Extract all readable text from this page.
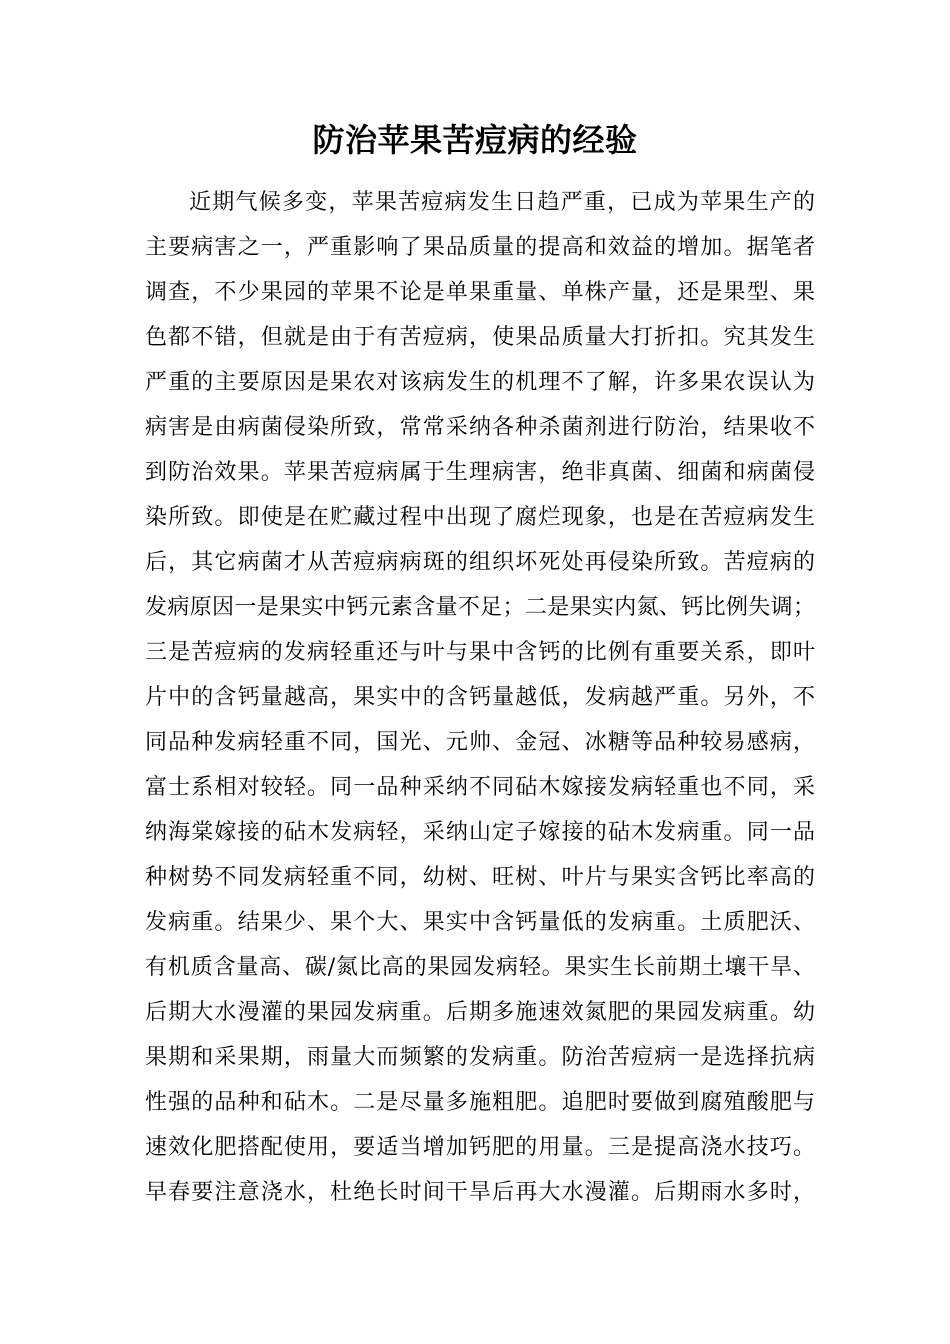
防治苹果苦痘病的经验
近期气候多变，苹果苦痘病发生日趋严重，已成为苹果生产的
主要病害之一，严重影响了果品质量的提高和效益的增加。据笔者
调查，不少果园的苹果不论是单果重量、单株产量，还是果型、果
色都不错，但就是由于有苦痘病，使果品质量大打折扣。究其发生
严重的主要原因是果农对该病发生的机理不了解，许多果农误认为
病害是由病菌侵染所致，常常采纳各种杀菌剂进行防治，结果收不
到防治效果。苹果苦痘病属于生理病害，绝非真菌、细菌和病菌侵
染所致。即使是在贮藏过程中出现了腐烂现象，也是在苦痘病发生
后，其它病菌才从苦痘病病斑的组织坏死处再侵染所致。苦痘病的
发病原因一是果实中钙元素含量不足；二是果实内氮、钙比例失调；
三是苦痘病的发病轻重还与叶与果中含钙的比例有重要关系，即叶
片中的含钙量越高，果实中的含钙量越低，发病越严重。另外，不
同品种发病轻重不同，国光、元帅、金冠、冰糖等品种较易感病，
富士系相对较轻。同一品种采纳不同砧木嫁接发病轻重也不同，采
纳海棠嫁接的砧木发病轻，采纳山定子嫁接的砧木发病重。同一品
种树势不同发病轻重不同，幼树、旺树、叶片与果实含钙比率高的
发病重。结果少、果个大、果实中含钙量低的发病重。土质肥沃、
有机质含量高、碳/氮比高的果园发病轻。果实生长前期土壤干旱、
后期大水漫灌的果园发病重。后期多施速效氮肥的果园发病重。幼
果期和采果期，雨量大而频繁的发病重。防治苦痘病一是选择抗病
性强的品种和砧木。二是尽量多施粗肥。追肥时要做到腐殖酸肥与
速效化肥搭配使用，要适当增加钙肥的用量。三是提高浇水技巧。
早春要注意浇水，杜绝长时间干旱后再大水漫灌。后期雨水多时，
